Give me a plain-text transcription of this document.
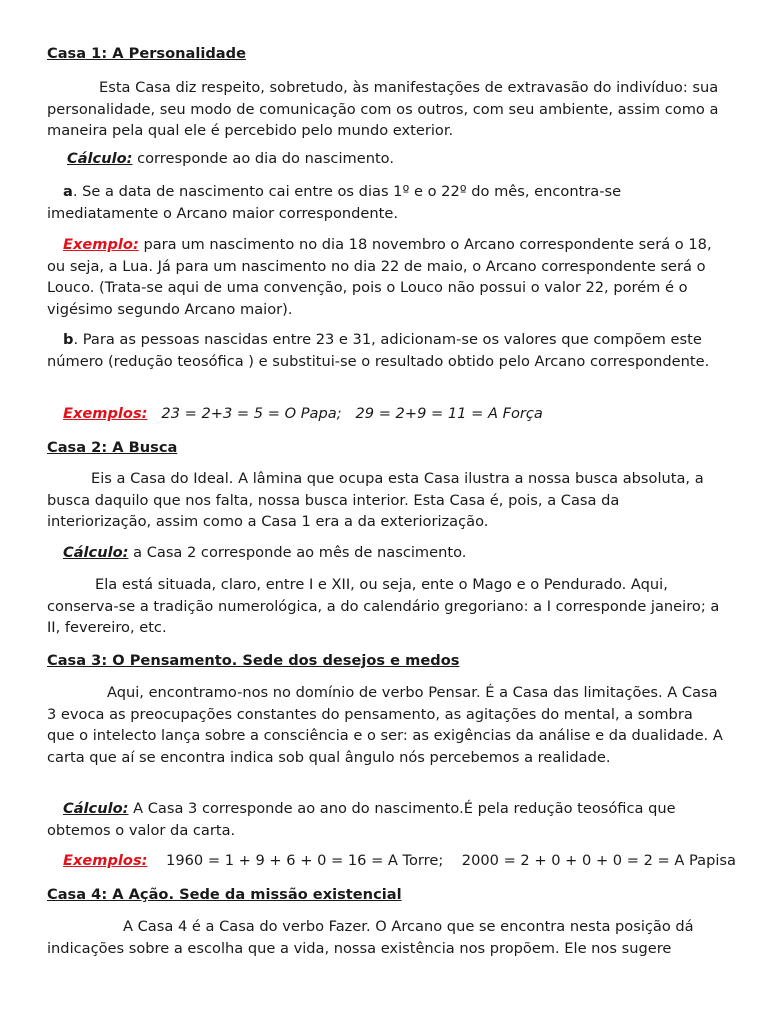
Casa 1: A Personalidade

Esta Casa diz respeito, sobretudo, às manifestações de extravasão do indivíduo: sua personalidade, seu modo de comunicação com os outros, com seu ambiente, assim como a maneira pela qual ele é percebido pelo mundo exterior.

Cálculo: corresponde ao dia do nascimento.

a. Se a data de nascimento cai entre os dias 1º e o 22º do mês, encontra-se imediatamente o Arcano maior correspondente.

Exemplo: para um nascimento no dia 18 novembro o Arcano correspondente será o 18, ou seja, a Lua. Já para um nascimento no dia 22 de maio, o Arcano correspondente será o Louco. (Trata-se aqui de uma convenção, pois o Louco não possui o valor 22, porém é o vigésimo segundo Arcano maior).

b. Para as pessoas nascidas entre 23 e 31, adicionam-se os valores que compõem este número (redução teosófica ) e substitui-se o resultado obtido pelo Arcano correspondente.

Exemplos: 23 = 2+3 = 5 = O Papa;   29 = 2+9 = 11 = A Força

Casa 2: A Busca

Eis a Casa do Ideal. A lâmina que ocupa esta Casa ilustra a nossa busca absoluta, a busca daquilo que nos falta, nossa busca interior. Esta Casa é, pois, a Casa da interiorização, assim como a Casa 1 era a da exteriorização.

Cálculo: a Casa 2 corresponde ao mês de nascimento.

Ela está situada, claro, entre I e XII, ou seja, ente o Mago e o Pendurado. Aqui, conserva-se a tradição numerológica, a do calendário gregoriano: a I corresponde janeiro; a II, fevereiro, etc.

Casa 3: O Pensamento. Sede dos desejos e medos

Aqui, encontramo-nos no domínio de verbo Pensar. É a Casa das limitações. A Casa 3 evoca as preocupações constantes do pensamento, as agitações do mental, a sombra que o intelecto lança sobre a consciência e o ser: as exigências da análise e da dualidade. A carta que aí se encontra indica sob qual ângulo nós percebemos a realidade.

Cálculo: A Casa 3 corresponde ao ano do nascimento.É pela redução teosófica que obtemos o valor da carta.

Exemplos: 1960 = 1 + 9 + 6 + 0 = 16 = A Torre;    2000 = 2 + 0 + 0 + 0 = 2 = A Papisa

Casa 4: A Ação. Sede da missão existencial

A Casa 4 é a Casa do verbo Fazer. O Arcano que se encontra nesta posição dá indicações sobre a escolha que a vida, nossa existência nos propõem. Ele nos sugere
